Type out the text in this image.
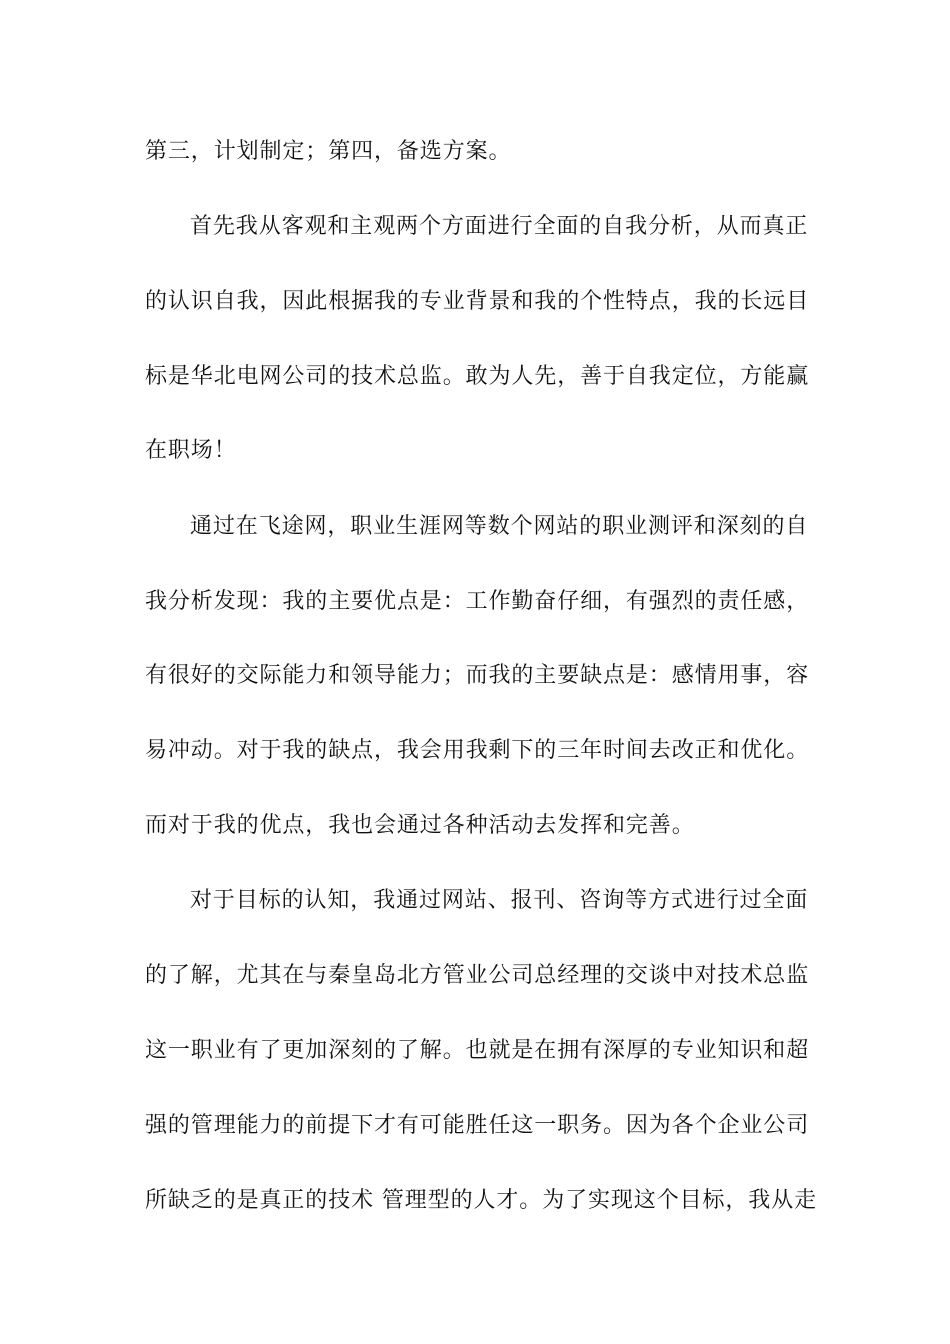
第三，计划制定；第四，备选方案。
首先我从客观和主观两个方面进行全面的自我分析，从而真正
的认识自我，因此根据我的专业背景和我的个性特点，我的长远目
标是华北电网公司的技术总监。敢为人先，善于自我定位，方能赢
在职场！
通过在飞途网，职业生涯网等数个网站的职业测评和深刻的自
我分析发现：我的主要优点是：工作勤奋仔细，有强烈的责任感，
有很好的交际能力和领导能力；而我的主要缺点是：感情用事，容
易冲动。对于我的缺点，我会用我剩下的三年时间去改正和优化。
而对于我的优点，我也会通过各种活动去发挥和完善。
对于目标的认知，我通过网站、报刊、咨询等方式进行过全面
的了解，尤其在与秦皇岛北方管业公司总经理的交谈中对技术总监
这一职业有了更加深刻的了解。也就是在拥有深厚的专业知识和超
强的管理能力的前提下才有可能胜任这一职务。因为各个企业公司
所缺乏的是真正的技术 管理型的人才。为了实现这个目标，我从走
